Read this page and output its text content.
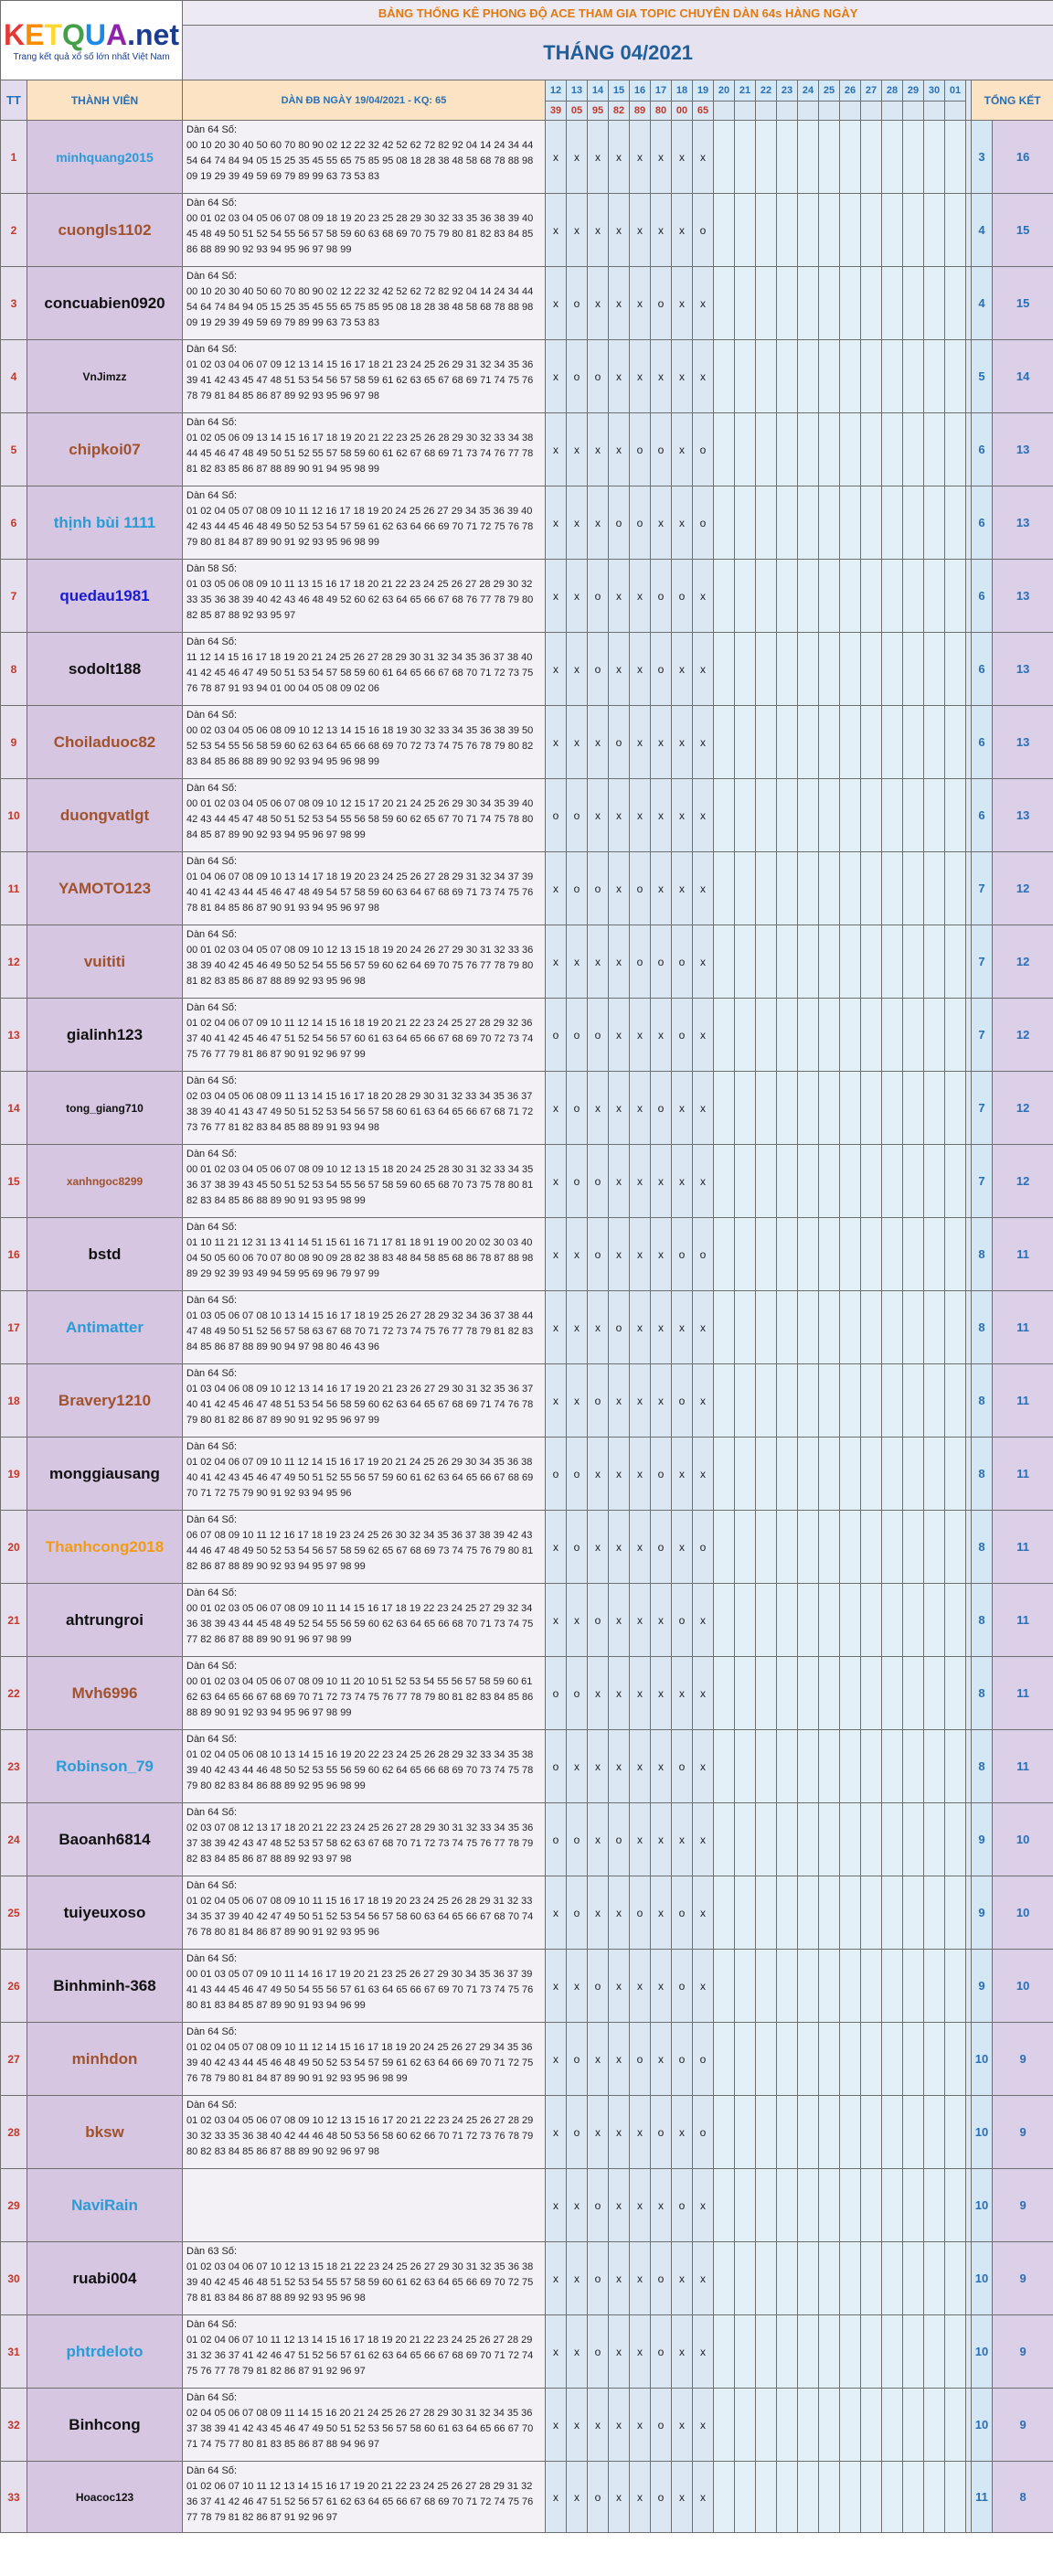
KETQUA.net
Trang kết quả xổ số lớn nhất Việt Nam		BẢNG THỐNG KÊ PHONG ĐỘ ACE THAM GIA TOPIC CHUYÊN DÀN 64s HÀNG NGÀY																							
		THÁNG 04/2021																							
TT	THÀNH VIÊN	DÀN ĐB NGÀY 19/04/2021 - KQ: 65	12	13	14	15	16	17	18	19	20	21	22	23	24	25	26	27	28	29	30	01		TỔNG KẾT	
			39	05	95	82	89	80	00	65															
1	minhquang2015	Dàn 64 Số:
00 10 20 30 40 50 60 70 80 90 02 12 22 32 42 52 62 72 82 92 04 14 24 34 44 54 64 74 84 94 05 15 25 35 45 55 65 75 85 95 08 18 28 38 48 58 68 78 88 98 09 19 29 39 49 59 69 79 89 99 63 73 53 83	x	x	x	x	x	x	x	x														3	16
2	cuongls1102	Dàn 64 Số:
00 01 02 03 04 05 06 07 08 09 18 19 20 23 25 28 29 30 32 33 35 36 38 39 40 45 48 49 50 51 52 54 55 56 57 58 59 60 63 68 69 70 75 79 80 81 82 83 84 85 86 88 89 90 92 93 94 95 96 97 98 99	x	x	x	x	x	x	x	o														4	15
3	concuabien0920	Dàn 64 Số:
00 10 20 30 40 50 60 70 80 90 02 12 22 32 42 52 62 72 82 92 04 14 24 34 44 54 64 74 84 94 05 15 25 35 45 55 65 75 85 95 08 18 28 38 48 58 68 78 88 98 09 19 29 39 49 59 69 79 89 99 63 73 53 83	x	o	x	x	x	o	x	x														4	15
4	VnJimzz	Dàn 64 Số:
01 02 03 04 06 07 09 12 13 14 15 16 17 18 21 23 24 25 26 29 31 32 34 35 36 39 41 42 43 45 47 48 51 53 54 56 57 58 59 61 62 63 65 67 68 69 71 74 75 76 78 79 81 84 85 86 87 89 92 93 95 96 97 98	x	o	o	x	x	x	x	x														5	14
5	chipkoi07	Dàn 64 Số:
01 02 05 06 09 13 14 15 16 17 18 19 20 21 22 23 25 26 28 29 30 32 33 34 38 44 45 46 47 48 49 50 51 52 55 57 58 59 60 61 62 67 68 69 71 73 74 76 77 78 81 82 83 85 86 87 88 89 90 91 94 95 98 99	x	x	x	x	o	o	x	o														6	13
6	thịnh bùi 1111	Dàn 64 Số:
01 02 04 05 07 08 09 10 11 12 16 17 18 19 20 24 25 26 27 29 34 35 36 39 40 42 43 44 45 46 48 49 50 52 53 54 57 59 61 62 63 64 66 69 70 71 72 75 76 78 79 80 81 84 87 89 90 91 92 93 95 96 98 99	x	x	x	o	o	x	x	o														6	13
7	quedau1981	Dàn 58 Số:
01 03 05 06 08 09 10 11 13 15 16 17 18 20 21 22 23 24 25 26 27 28 29 30 32 33 35 36 38 39 40 42 43 46 48 49 52 60 62 63 64 65 66 67 68 76 77 78 79 80 82 85 87 88 92 93 95 97	x	x	o	x	x	o	o	x														6	13
8	sodolt188	Dàn 64 Số:
11 12 14 15 16 17 18 19 20 21 24 25 26 27 28 29 30 31 32 34 35 36 37 38 40 41 42 45 46 47 49 50 51 53 54 57 58 59 60 61 64 65 66 67 68 70 71 72 73 75 76 78 87 91 93 94 01 00 04 05 08 09 02 06	x	x	o	x	x	o	x	x														6	13
9	Choiladuoc82	Dàn 64 Số:
00 02 03 04 05 06 08 09 10 12 13 14 15 16 18 19 30 32 33 34 35 36 38 39 50 52 53 54 55 56 58 59 60 62 63 64 65 66 68 69 70 72 73 74 75 76 78 79 80 82 83 84 85 86 88 89 90 92 93 94 95 96 98 99	x	x	x	o	x	x	x	x														6	13
10	duongvatlgt	Dàn 64 Số:
00 01 02 03 04 05 06 07 08 09 10 12 15 17 20 21 24 25 26 29 30 34 35 39 40 42 43 44 45 47 48 50 51 52 53 54 55 56 58 59 60 62 65 67 70 71 74 75 78 80 84 85 87 89 90 92 93 94 95 96 97 98 99	o	o	x	x	x	x	x	x														6	13
11	YAMOTO123	Dàn 64 Số:
01 04 06 07 08 09 10 13 14 17 18 19 20 23 24 25 26 27 28 29 31 32 34 37 39 40 41 42 43 44 45 46 47 48 49 54 57 58 59 60 63 64 67 68 69 71 73 74 75 76 78 81 84 85 86 87 90 91 93 94 95 96 97 98	x	o	o	x	o	x	x	x														7	12
12	vuititi	Dàn 64 Số:
00 01 02 03 04 05 07 08 09 10 12 13 15 18 19 20 24 26 27 29 30 31 32 33 36 38 39 40 42 45 46 49 50 52 54 55 56 57 59 60 62 64 69 70 75 76 77 78 79 80 81 82 83 85 86 87 88 89 92 93 95 96 98	x	x	x	x	o	o	o	x														7	12
13	gialinh123	Dàn 64 Số:
01 02 04 06 07 09 10 11 12 14 15 16 18 19 20 21 22 23 24 25 27 28 29 32 36 37 40 41 42 45 46 47 51 52 54 56 57 60 61 63 64 65 66 67 68 69 70 72 73 74 75 76 77 79 81 86 87 90 91 92 96 97 99	o	o	o	x	x	x	o	x														7	12
14	tong_giang710	Dàn 64 Số:
02 03 04 05 06 08 09 11 13 14 15 16 17 18 20 28 29 30 31 32 33 34 35 36 37 38 39 40 41 43 47 49 50 51 52 53 54 56 57 58 60 61 63 64 65 66 67 68 71 72 73 76 77 81 82 83 84 85 88 89 91 93 94 98	x	o	x	x	x	o	x	x														7	12
15	xanhngoc8299	Dàn 64 Số:
00 01 02 03 04 05 06 07 08 09 10 12 13 15 18 20 24 25 28 30 31 32 33 34 35 36 37 38 39 43 45 50 51 52 53 54 55 56 57 58 59 60 65 68 70 73 75 78 80 81 82 83 84 85 86 88 89 90 91 93 95 98 99	x	o	o	x	x	x	x	x														7	12
16	bstd	Dàn 64 Số:
01 10 11 21 12 31 13 41 14 51 15 61 16 71 17 81 18 91 19 00 20 02 30 03 40 04 50 05 60 06 70 07 80 08 90 09 28 82 38 83 48 84 58 85 68 86 78 87 88 98 89 29 92 39 93 49 94 59 95 69 96 79 97 99	x	x	o	x	x	x	o	o														8	11
17	Antimatter	Dàn 64 Số:
01 03 05 06 07 08 10 13 14 15 16 17 18 19 25 26 27 28 29 32 34 36 37 38 44 47 48 49 50 51 52 56 57 58 63 67 68 70 71 72 73 74 75 76 77 78 79 81 82 83 84 85 86 87 88 89 90 94 97 98 80 46 43 96	x	x	x	o	x	x	x	x														8	11
18	Bravery1210	Dàn 64 Số:
01 03 04 06 08 09 10 12 13 14 16 17 19 20 21 23 26 27 29 30 31 32 35 36 37 40 41 42 45 46 47 48 51 53 54 56 58 59 60 62 63 64 65 67 68 69 71 74 76 78 79 80 81 82 86 87 89 90 91 92 95 96 97 99	x	x	o	x	x	x	o	x														8	11
19	monggiausang	Dàn 64 Số:
01 02 04 06 07 09 10 11 12 14 15 16 17 19 20 21 24 25 26 29 30 34 35 36 38 40 41 42 43 45 46 47 49 50 51 52 55 56 57 59 60 61 62 63 64 65 66 67 68 69 70 71 72 75 79 90 91 92 93 94 95 96	o	o	x	x	x	o	x	x														8	11
20	Thanhcong2018	Dàn 64 Số:
06 07 08 09 10 11 12 16 17 18 19 23 24 25 26 30 32 34 35 36 37 38 39 42 43 44 46 47 48 49 50 52 53 54 56 57 58 59 62 65 67 68 69 73 74 75 76 79 80 81 82 86 87 88 89 90 92 93 94 95 97 98 99	x	o	x	x	x	o	x	o														8	11
21	ahtrungroi	Dàn 64 Số:
00 01 02 03 05 06 07 08 09 10 11 14 15 16 17 18 19 22 23 24 25 27 29 32 34 36 38 39 43 44 45 48 49 52 54 55 56 59 60 62 63 64 65 66 68 70 71 73 74 75 77 82 86 87 88 89 90 91 96 97 98 99	x	x	o	x	x	x	o	x														8	11
22	Mvh6996	Dàn 64 Số:
00 01 02 03 04 05 06 07 08 09 10 11 20 10 51 52 53 54 55 56 57 58 59 60 61 62 63 64 65 66 67 68 69 70 71 72 73 74 75 76 77 78 79 80 81 82 83 84 85 86 88 89 90 91 92 93 94 95 96 97 98 99	o	o	x	x	x	x	x	x														8	11
23	Robinson_79	Dàn 64 Số:
01 02 04 05 06 08 10 13 14 15 16 19 20 22 23 24 25 26 28 29 32 33 34 35 38 39 40 42 43 44 46 48 50 52 53 55 56 59 60 62 64 65 66 68 69 70 73 74 75 78 79 80 82 83 84 86 88 89 92 95 96 98 99	o	x	x	x	x	x	o	x														8	11
24	Baoanh6814	Dàn 64 Số:
02 03 07 08 12 13 17 18 20 21 22 23 24 25 26 27 28 29 30 31 32 33 34 35 36 37 38 39 42 43 47 48 52 53 57 58 62 63 67 68 70 71 72 73 74 75 76 77 78 79 82 83 84 85 86 87 88 89 92 93 97 98	o	o	x	o	x	x	x	x														9	10
25	tuiyeuxoso	Dàn 64 Số:
01 02 04 05 06 07 08 09 10 11 15 16 17 18 19 20 23 24 25 26 28 29 31 32 33 34 35 37 39 40 42 47 49 50 51 52 53 54 56 57 58 60 63 64 65 66 67 68 70 74 76 78 80 81 84 86 87 89 90 91 92 93 95 96	x	o	x	x	o	x	o	x														9	10
26	Binhminh-368	Dàn 64 Số:
00 01 03 05 07 09 10 11 14 16 17 19 20 21 23 25 26 27 29 30 34 35 36 37 39 41 43 44 45 46 47 49 50 54 55 56 57 61 63 64 65 66 67 69 70 71 73 74 75 76 80 81 83 84 85 87 89 90 91 93 94 96 99	x	x	o	x	x	x	o	x														9	10
27	minhdon	Dàn 64 Số:
01 02 04 05 07 08 09 10 11 12 14 15 16 17 18 19 20 24 25 26 27 29 34 35 36 39 40 42 43 44 45 46 48 49 50 52 53 54 57 59 61 62 63 64 66 69 70 71 72 75 76 78 79 80 81 84 87 89 90 91 92 93 95 96 98 99	x	o	x	x	o	x	o	o														10	9
28	bksw	Dàn 64 Số:
01 02 03 04 05 06 07 08 09 10 12 13 15 16 17 20 21 22 23 24 25 26 27 28 29 30 32 33 35 36 38 40 42 44 46 48 50 53 56 58 60 62 66 70 71 72 73 76 78 79 80 82 83 84 85 86 87 88 89 90 92 96 97 98	x	o	x	x	x	o	x	o														10	9
29	NaviRain		x	x	o	x	x	x	o	x														10	9
30	ruabi004	Dàn 63 Số:
01 02 03 04 06 07 10 12 13 15 18 21 22 23 24 25 26 27 29 30 31 32 35 36 38 39 40 42 45 46 48 51 52 53 54 55 57 58 59 60 61 62 63 64 65 66 69 70 72 75 78 81 83 84 86 87 88 89 92 93 95 96 98	x	x	o	x	x	o	x	x														10	9
31	phtrdeloto	Dàn 64 Số:
01 02 04 06 07 10 11 12 13 14 15 16 17 18 19 20 21 22 23 24 25 26 27 28 29 31 32 36 37 41 42 46 47 51 52 56 57 61 62 63 64 65 66 67 68 69 70 71 72 74 75 76 77 78 79 81 82 86 87 91 92 96 97	x	x	o	x	x	o	x	x														10	9
32	Binhcong	Dàn 64 Số:
02 04 05 06 07 08 09 11 14 15 16 20 21 24 25 26 27 28 29 30 31 32 34 35 36 37 38 39 41 42 43 45 46 47 49 50 51 52 53 56 57 58 60 61 63 64 65 66 67 70 71 74 75 77 80 81 83 85 86 87 88 94 96 97	x	x	x	x	x	o	x	x														10	9
33	Hoacoc123	Dàn 64 Số:
01 02 06 07 10 11 12 13 14 15 16 17 19 20 21 22 23 24 25 26 27 28 29 31 32 36 37 41 42 46 47 51 52 56 57 61 62 63 64 65 66 67 68 69 70 71 72 74 75 76 77 78 79 81 82 86 87 91 92 96 97	x	x	o	x	x	o	x	x														11	8
